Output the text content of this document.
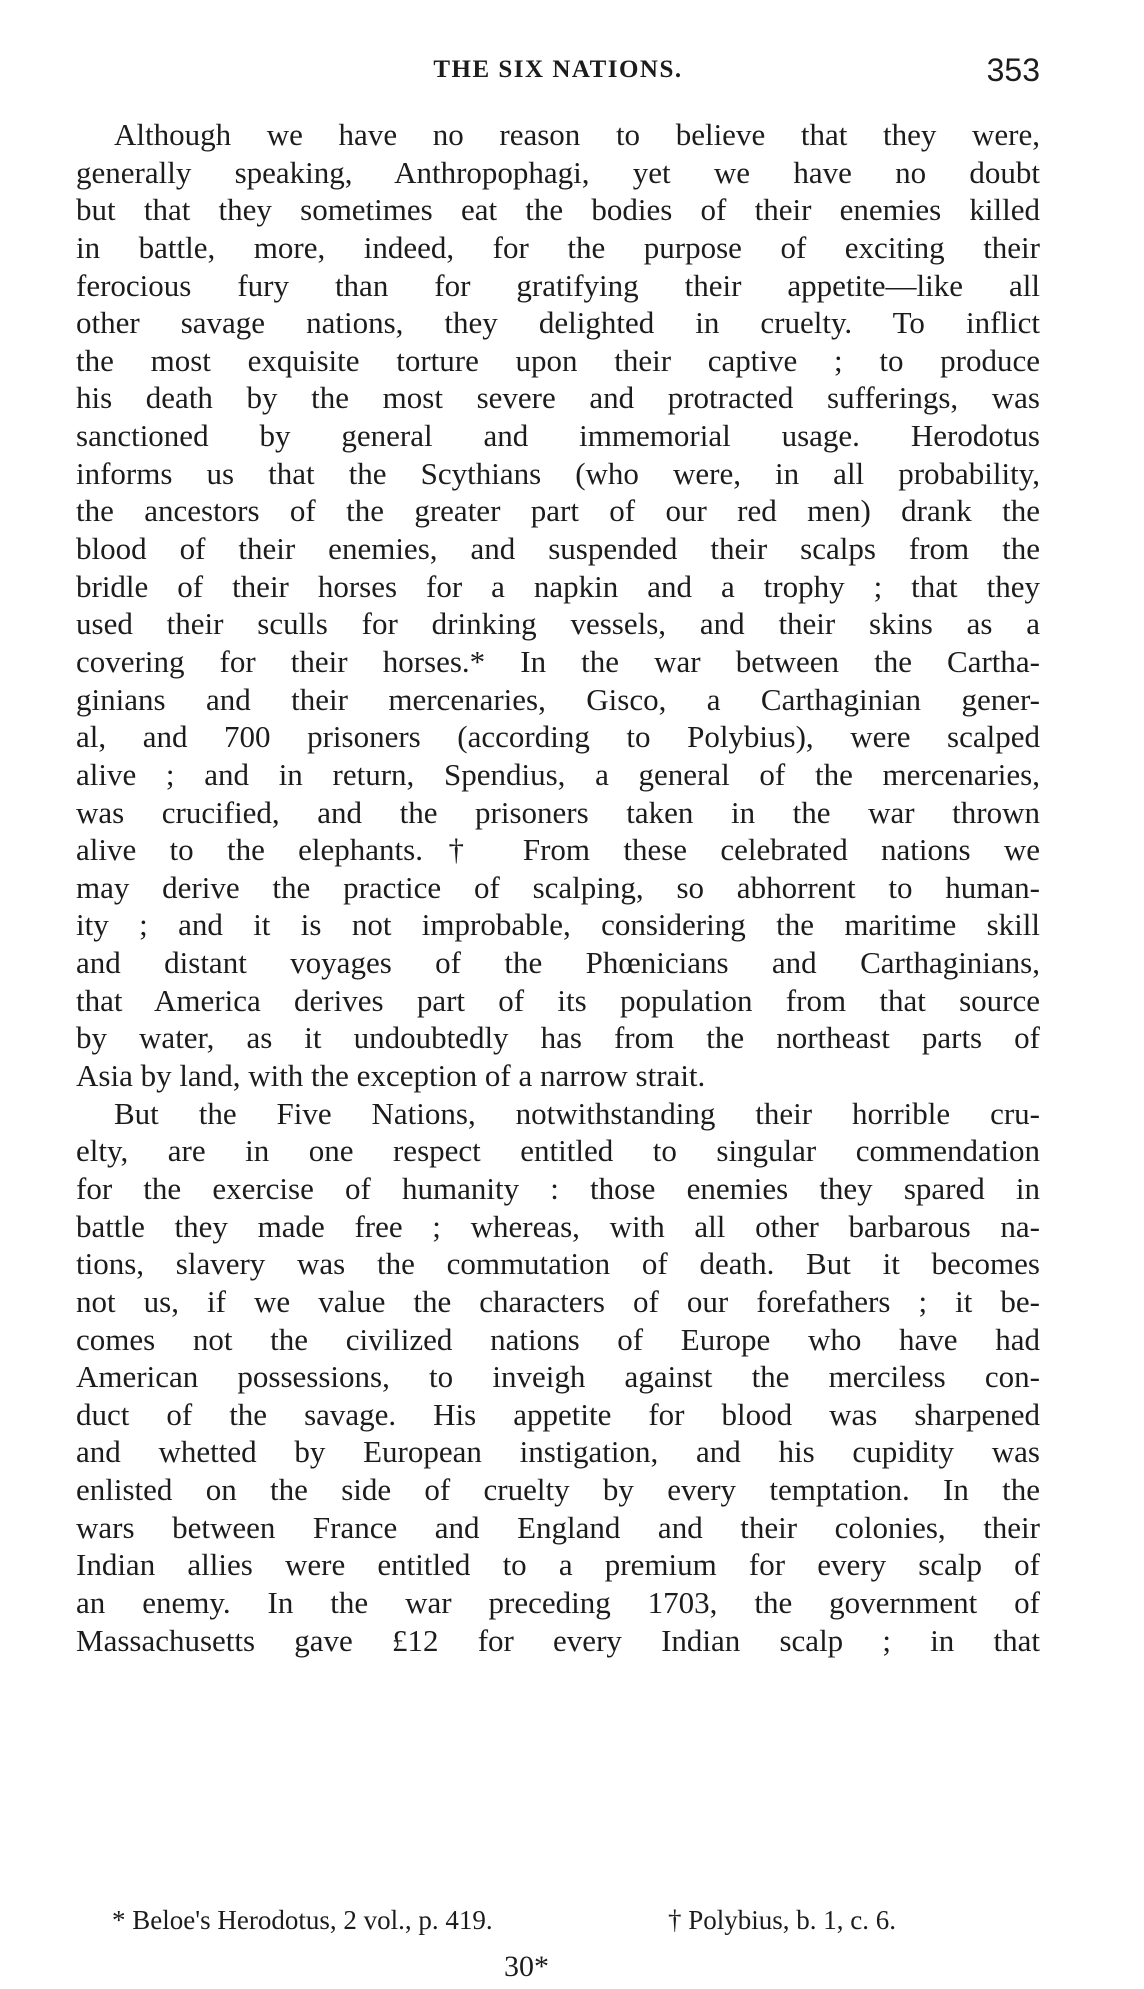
THE SIX NATIONS.	353
Although we have no reason to believe that they were,
generally speaking, Anthropophagi, yet we have no doubt
but that they sometimes eat the bodies of their enemies killed
in battle, more, indeed, for the purpose of exciting their
ferocious fury than for gratifying their appetite—like all
other savage nations, they delighted in cruelty. To inflict
the most exquisite torture upon their captive ; to produce
his death by the most severe and protracted sufferings, was
sanctioned by general and immemorial usage. Herodotus
informs us that the Scythians (who were, in all probability,
the ancestors of the greater part of our red men) drank the
blood of their enemies, and suspended their scalps from the
bridle of their horses for a napkin and a trophy ; that they
used their sculls for drinking vessels, and their skins as a
covering for their horses.* In the war between the Cartha-
ginians and their mercenaries, Gisco, a Carthaginian gener-
al, and 700 prisoners (according to Polybius), were scalped
alive ; and in return, Spendius, a general of the mercenaries,
was crucified, and the prisoners taken in the war thrown
alive to the elephants.† From these celebrated nations we
may derive the practice of scalping, so abhorrent to human-
ity ; and it is not improbable, considering the maritime skill
and distant voyages of the Phœnicians and Carthaginians,
that America derives part of its population from that source
by water, as it undoubtedly has from the northeast parts of
Asia by land, with the exception of a narrow strait.
But the Five Nations, notwithstanding their horrible cru-
elty, are in one respect entitled to singular commendation
for the exercise of humanity : those enemies they spared in
battle they made free ; whereas, with all other barbarous na-
tions, slavery was the commutation of death. But it becomes
not us, if we value the characters of our forefathers ; it be-
comes not the civilized nations of Europe who have had
American possessions, to inveigh against the merciless con-
duct of the savage. His appetite for blood was sharpened
and whetted by European instigation, and his cupidity was
enlisted on the side of cruelty by every temptation. In the
wars between France and England and their colonies, their
Indian allies were entitled to a premium for every scalp of
an enemy. In the war preceding 1703, the government of
Massachusetts gave £12 for every Indian scalp ; in that
* Beloe's Herodotus, 2 vol., p. 419.	† Polybius, b. 1, c. 6.
30*
